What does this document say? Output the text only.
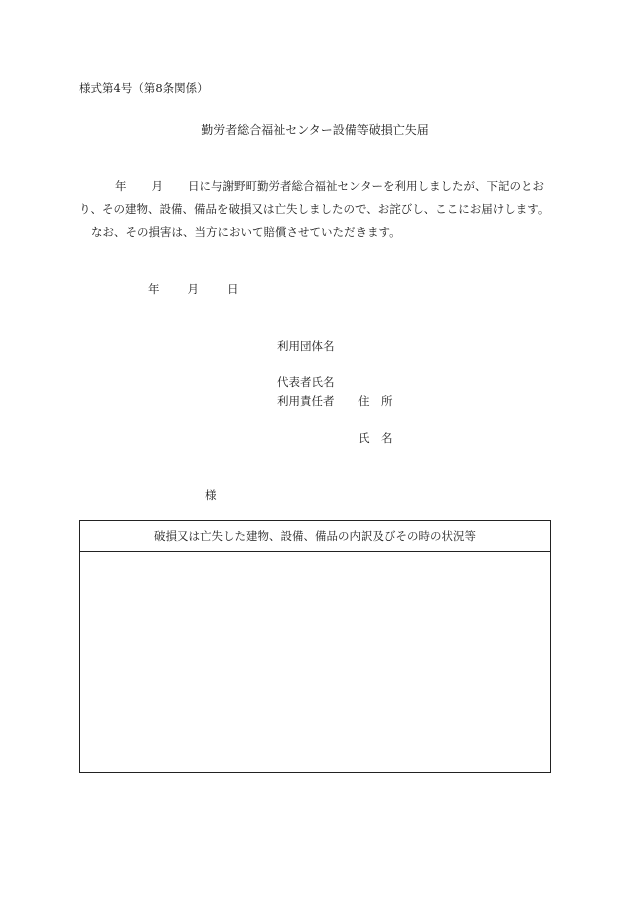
様式第4号（第8条関係）
勤労者総合福祉センター設備等破損亡失届
年 月 日に与謝野町勤労者総合福祉センターを利用しましたが、下記のとお
り、その建物、設備、備品を破損又は亡失しましたので、お詫びし、ここにお届けします。
なお、その損害は、当方において賠償させていただきます。
年 月 日
利用団体名
代表者氏名
利用責任者 住　所
氏　名
様
破損又は亡失した建物、設備、備品の内訳及びその時の状況等
